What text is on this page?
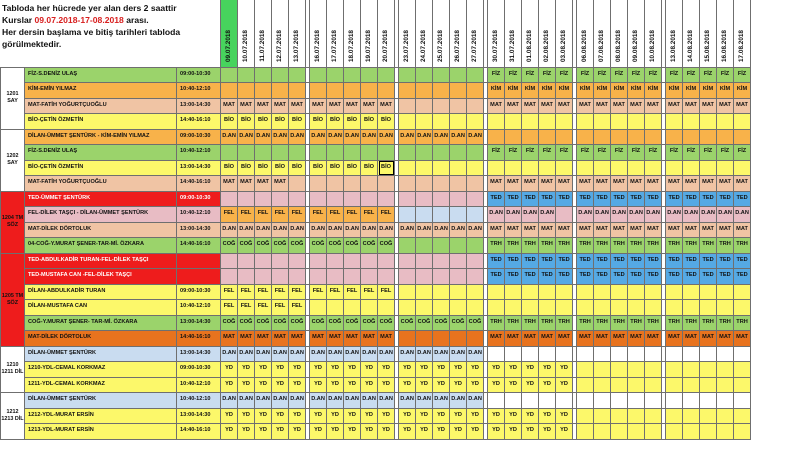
Tabloda her hücrede yer alan ders 2 saattir
Kurslar 09.07.2018-17-08.2018 arası.
Her dersin başlama ve bitiş tarihleri tabloda
görülmektedir.
			09.07.2018	10.07.2018	11.07.2018	12.07.2018	13.07.2018		16.07.2018	17.07.2018	18.07.2018	19.07.2018	20.07.2018		23.07.2018	24.07.2018	25.07.2018	26.07.2018	27.07.2018		30.07.2018	31.07.2018	01.08.2018	02.08.2018	03.08.2018		06.08.2018	07.08.2018	08.08.2018	09.08.2018	10.08.2018		13.08.2018	14.08.2018	15.08.2018	16.08.2018	17.08.2018	
1201 SAY	FİZ-S.DENİZ ULAŞ	09:00-10:30																			FİZ	FİZ	FİZ	FİZ	FİZ		FİZ	FİZ	FİZ	FİZ	FİZ		FİZ	FİZ	FİZ	FİZ	FİZ																		
	KİM-EMİN YILMAZ	10:40-12:10																			KİM	KİM	KİM	KİM	KİM		KİM	KİM	KİM	KİM	KİM		KİM	KİM	KİM	KİM	KİM																		
	MAT-FATİH YOĞURTÇUOĞLU	13:00-14:30	MAT	MAT	MAT	MAT	MAT		MAT	MAT	MAT	MAT	MAT								MAT	MAT	MAT	MAT	MAT		MAT	MAT	MAT	MAT	MAT		MAT	MAT	MAT	MAT	MAT																	
	BİO-ÇETİN ÖZMETİN	14:40-16:10	BİO	BİO	BİO	BİO	BİO		BİO	BİO	BİO	BİO	BİO																																										
1202 SAY	DİLAN-ÜMMET ŞENTÜRK - KİM-EMİN YILMAZ	09:00-10:30	D.AN	D.AN	D.AN	D.AN	D.AN		D.AN	D.AN	D.AN	D.AN	D.AN		D.AN	D.AN	D.AN	D.AN	D.AN																																				
	FİZ-S.DENİZ ULAŞ	10:40-12:10																			FİZ	FİZ	FİZ	FİZ	FİZ		FİZ	FİZ	FİZ	FİZ	FİZ		FİZ	FİZ	FİZ	FİZ	FİZ																		
	BİO-ÇETİN ÖZMETİN	13:00-14:30	BİO	BİO	BİO	BİO	BİO		BİO	BİO	BİO	BİO	BİO																																										
	MAT-FATİH YOĞURTÇUOĞLU	14:40-16:10	MAT	MAT	MAT	MAT															MAT	MAT	MAT	MAT	MAT		MAT	MAT	MAT	MAT	MAT		MAT	MAT	MAT	MAT	MAT																		
1204 TM SÖZ	TED-ÜMMET ŞENTÜRK	09:00-10:30																			TED	TED	TED	TED	TED		TED	TED	TED	TED	TED		TED	TED	TED	TED	TED																		
	FEL-DİLEK TAŞÇI - DİLAN-ÜMMET ŞENTÜRK	10:40-12:10	FEL	FEL	FEL	FEL	FEL		FEL	FEL	FEL	FEL	FEL								D.AN	D.AN	D.AN	D.AN			D.AN	D.AN	D.AN	D.AN	D.AN		D.AN	D.AN	D.AN	D.AN	D.AN																	
	MAT-DİLEK DÖRTOLUK	13:00-14:30	D.AN	D.AN	D.AN	D.AN	D.AN		D.AN	D.AN	D.AN	D.AN	D.AN		D.AN	D.AN	D.AN	D.AN	D.AN		MAT	MAT	MAT	MAT	MAT		MAT	MAT	MAT	MAT	MAT		MAT	MAT	MAT	MAT	MAT																		
	04-COĞ-Y.MURAT ŞENER-TAR-Mİ. ÖZKARA	14:40-16:10	COĞ	COĞ	COĞ	COĞ	COĞ		COĞ	COĞ	COĞ	COĞ	COĞ								TRH	TRH	TRH	TRH	TRH		TRH	TRH	TRH	TRH	TRH		TRH	TRH	TRH	TRH	TRH																		
1205 TM SÖZ	TED-ABDULKADİR TURAN-FEL-DİLEK TAŞÇI																				TED	TED	TED	TED	TED		TED	TED	TED	TED	TED		TED	TED	TED	TED	TED																		
	TED-MUSTAFA CAN -FEL-DİLEK TAŞÇI																				TED	TED	TED	TED	TED		TED	TED	TED	TED	TED		TED	TED	TED	TED	TED																		
	DİLAN-ABDULKADİR TURAN	09:00-10:30	FEL	FEL	FEL	FEL	FEL		FEL	FEL	FEL	FEL	FEL																																										
	DİLAN-MUSTAFA CAN	10:40-12:10	FEL	FEL	FEL	FEL	FEL																																																
	COĞ-Y.MURAT ŞENER- TAR-Mİ. ÖZKARA	13:00-14:30	COĞ	COĞ	COĞ	COĞ	COĞ		COĞ	COĞ	COĞ	COĞ	COĞ		COĞ	COĞ	COĞ	COĞ	COĞ		TRH	TRH	TRH	TRH	TRH		TRH	TRH	TRH	TRH	TRH		TRH	TRH	TRH	TRH	TRH																		
	MAT-DİLEK DÖRTOLUK	14:40-16:10	MAT	MAT	MAT	MAT	MAT		MAT	MAT	MAT	MAT	MAT								MAT	MAT	MAT	MAT	MAT		MAT	MAT	MAT	MAT	MAT		MAT	MAT	MAT	MAT	MAT																		
1210 1211 DİL	DİLAN-ÜMMET ŞENTÜRK	13:00-14:30	D.AN	D.AN	D.AN	D.AN	D.AN		D.AN	D.AN	D.AN	D.AN	D.AN		D.AN	D.AN	D.AN	D.AN	D.AN																																				
	1210-YDL-CEMAL KORKMAZ	09:00-10:30	YD	YD	YD	YD	YD		YD	YD	YD	YD	YD		YD	YD	YD	YD	YD		YD	YD	YD	YD	YD																														
	1211-YDL-CEMAL KORKMAZ	10:40-12:10	YD	YD	YD	YD	YD		YD	YD	YD	YD	YD		YD	YD	YD	YD	YD		YD	YD	YD	YD	YD																														
1212 1213 DİL	DİLAN-ÜMMET ŞENTÜRK	10:40-12:10	D.AN	D.AN	D.AN	D.AN	D.AN		D.AN	D.AN	D.AN	D.AN	D.AN		D.AN	D.AN	D.AN	D.AN	D.AN																																				
	1212-YDL-MURAT ERSİN	13:00-14:30	YD	YD	YD	YD	YD		YD	YD	YD	YD	YD		YD	YD	YD	YD	YD		YD	YD	YD	YD	YD																														
	1213-YDL-MURAT ERSİN	14:40-16:10	YD	YD	YD	YD	YD		YD	YD	YD	YD	YD		YD	YD	YD	YD	YD		YD	YD	YD	YD	YD																														
